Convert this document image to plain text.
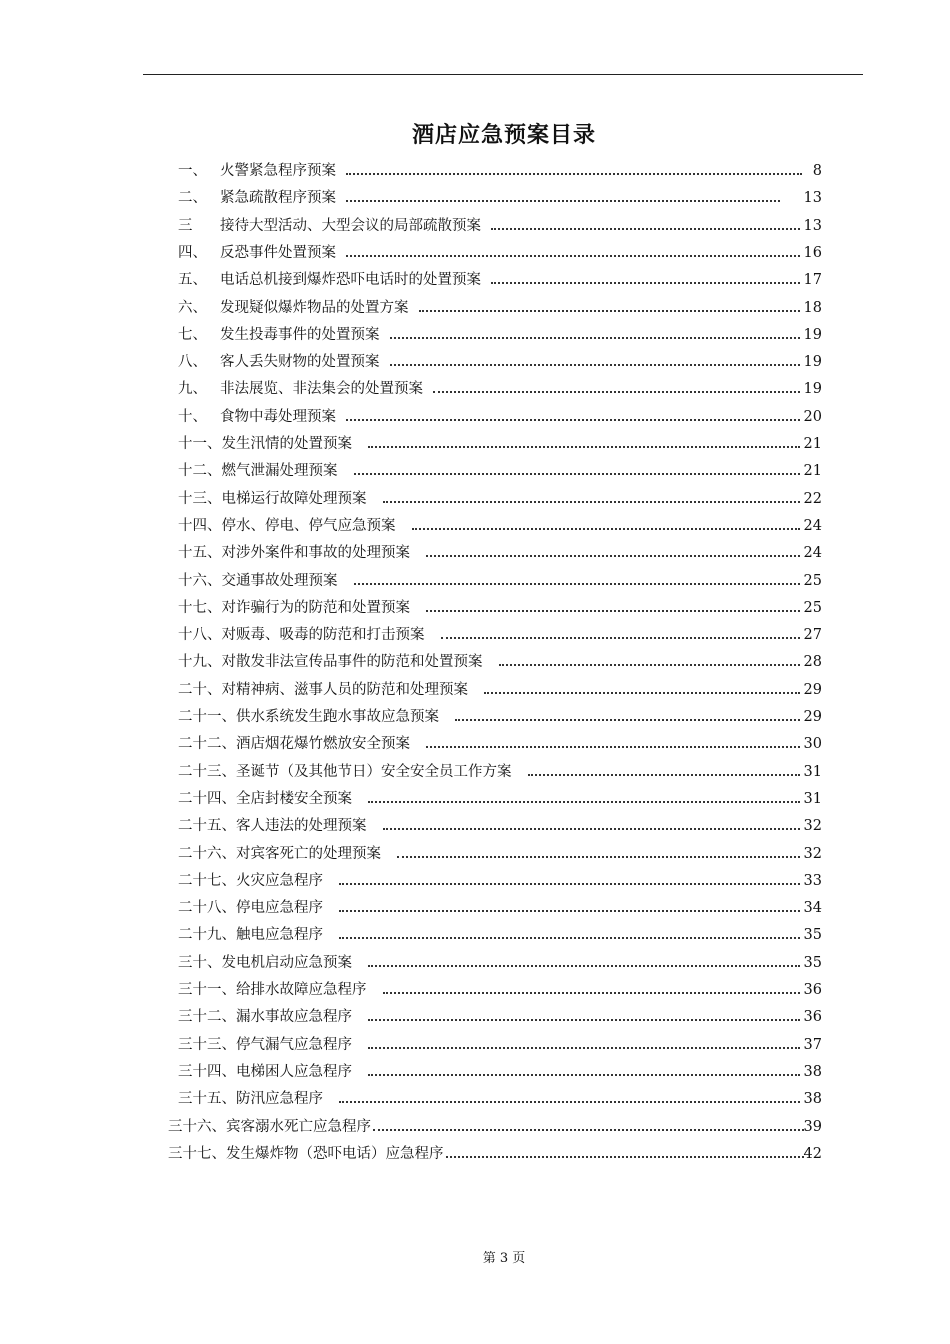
酒店应急预案目录
一、 火警紧急程序预案	8
二、 紧急疏散程序预案	13
三	接待大型活动、大型会议的局部疏散预案	13
四、 反恐事件处置预案	16
五、 电话总机接到爆炸恐吓电话时的处置预案	17
六、 发现疑似爆炸物品的处置方案	18
七、 发生投毒事件的处置预案	19
八、 客人丢失财物的处置预案	19
九、 非法展览、非法集会的处置预案	19
十、 食物中毒处理预案	20
十一、 发生汛情的处置预案	21
十二、 燃气泄漏处理预案	21
十三、 电梯运行故障处理预案	22
十四、 停水、停电、停气应急预案	24
十五、 对涉外案件和事故的处理预案	24
十六、 交通事故处理预案	25
十七、 对诈骗行为的防范和处置预案	25
十八、 对贩毒、吸毒的防范和打击预案	27
十九、 对散发非法宣传品事件的防范和处置预案	28
二十、 对精神病、滋事人员的防范和处理预案	29
二十一、 供水系统发生跑水事故应急预案	29
二十二、 酒店烟花爆竹燃放安全预案	30
二十三、 圣诞节（及其他节日）安全安全员工作方案	31
二十四、 全店封楼安全预案	31
二十五、 客人违法的处理预案	32
二十六、 对宾客死亡的处理预案	32
二十七、 火灾应急程序	33
二十八、 停电应急程序	34
二十九、 触电应急程序	35
三十、 发电机启动应急预案	35
三十一、 给排水故障应急程序	36
三十二、 漏水事故应急程序	36
三十三、 停气漏气应急程序	37
三十四、 电梯困人应急程序	38
三十五、 防汛应急程序	38
三十六、 宾客溺水死亡应急程序	39
三十七、 发生爆炸物（恐吓电话）应急程序	42
第 3 页
